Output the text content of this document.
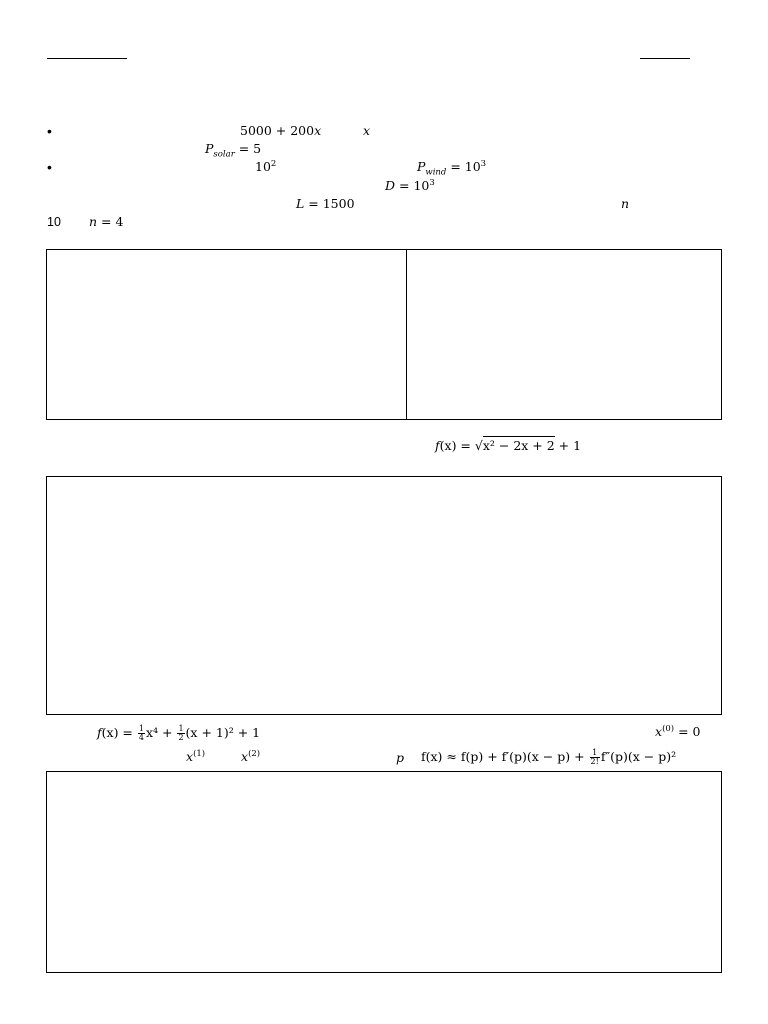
•	5000 + 200x	x
$P_{solar} = 5$
•	$10^2$	$P_{wind} = 10^3$
$D = 10^3$
L = 1500	n
10 n = 4
f(x) = √x² − 2x + 2 + 1
$f(x) = \frac{1}{4} x^4 + \frac{1}{2} (x + 1)^2 + 1$	$x^{(0)} = 0$
$x^{(1)}$	$x^{(2)}$	p $f(x) \approx f(p) + f'(p)(x - p) + \frac{1}{2!} f''(p)(x - p)^2$
